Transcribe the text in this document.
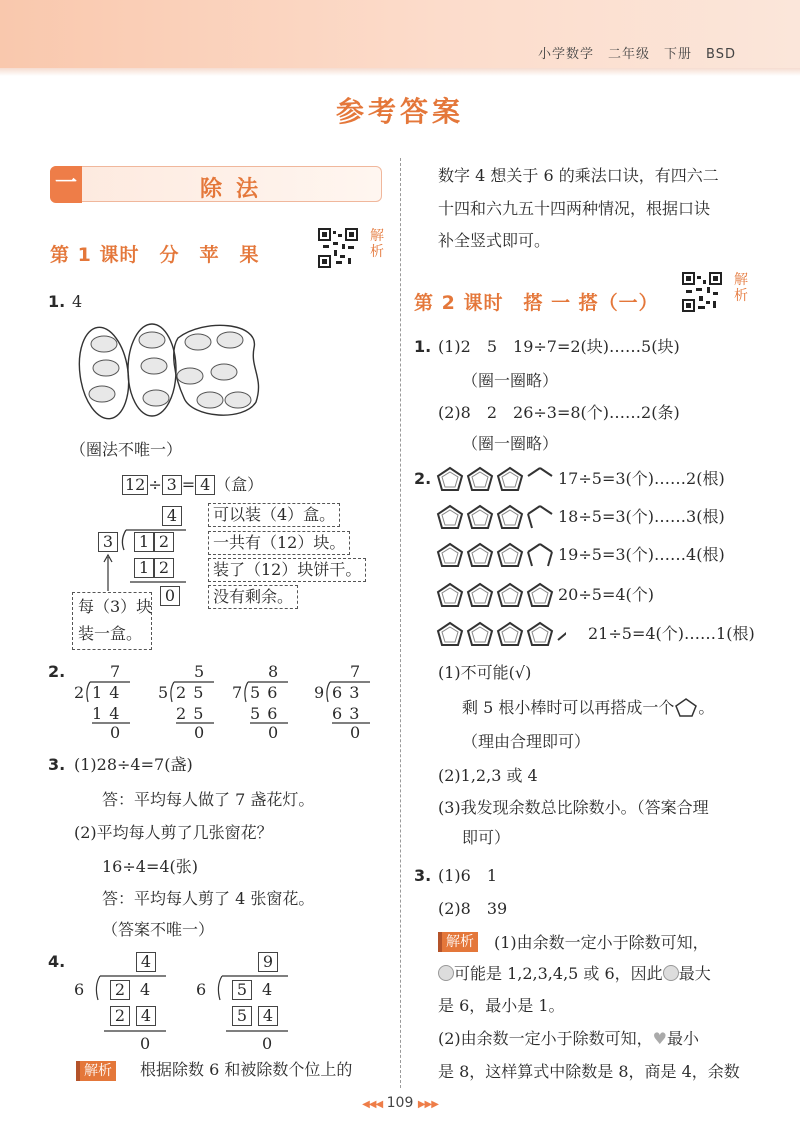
小学数学　二年级　下册　BSD
参考答案
一	除法
第 1 课时　分　苹　果
解析
1. 4
（圈法不唯一）
12 ÷ 3 = 4 （盒）
4	可以装（4）盒。
3	1 2	一共有（12）块。
1 2	装了（12）块饼干。
0	没有剩余。
每（3）块
装一盒。
2.	7
2 1 4
1 4
0
5
5 2 5
2 5
0
8
7 5 6
5 6
0
7
9 6 3
6 3
0
3. (1)28÷4=7(盏)
答：平均每人做了 7 盏花灯。
(2)平均每人剪了几张窗花？
16÷4=4(张)
答：平均每人剪了 4 张窗花。
（答案不唯一）
4.	4
6	2 4
2 4
0
9
6	5 4
5 4
0
解析 根据除数 6 和被除数个位上的
数字 4 想关于 6 的乘法口诀，有四六二
十四和六九五十四两种情况，根据口诀
补全竖式即可。
第 2 课时　搭 一 搭（一）
解析
1. (1)2　5　19÷7=2(块)……5(块)
（圈一圈略）
(2)8　2　26÷3=8(个)……2(条)
（圈一圈略）
2.	17÷5=3(个)……2(根)
18÷5=3(个)……3(根)
19÷5=3(个)……4(根)
20÷5=4(个)
21÷5=4(个)……1(根)
(1)不可能(√)
剩 5 根小棒时可以再搭成一个 。
（理由合理即可）
(2)1,2,3 或 4
(3)我发现余数总比除数小。（答案合理
即可）
3. (1)6　1
(2)8　39
解析 (1)由余数一定小于除数可知，
可能是 1,2,3,4,5 或 6，因此 最大
是 6，最小是 1。
(2)由余数一定小于除数可知，♥最小
是 8，这样算式中除数是 8，商是 4，余数
◀◀◀ 109 ▶▶▶
